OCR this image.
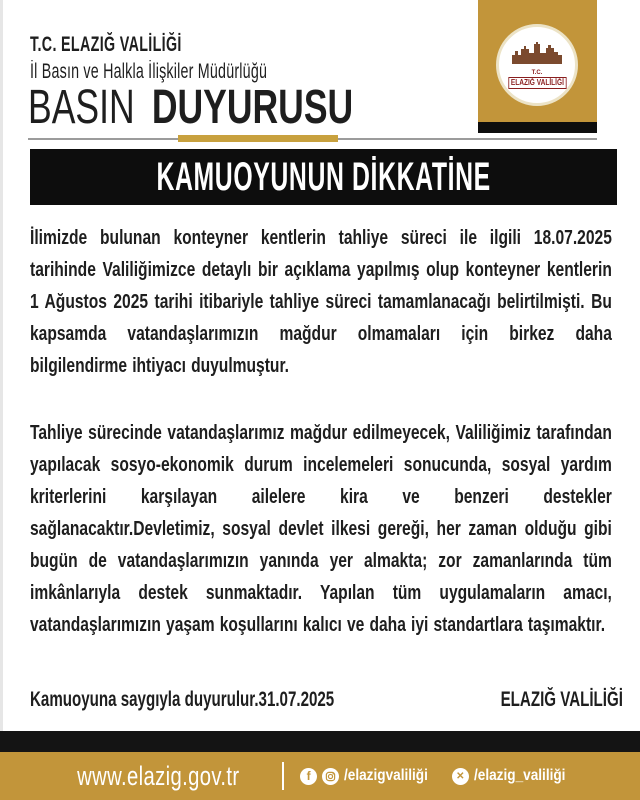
T.C. ELAZIĞ VALİLİĞİ
İl Basın ve Halkla İlişkiler Müdürlüğü
BASIN DUYURUSU
T.C.
ELAZIĞ VALİLİĞİ
KAMUOYUNUN DİKKATİNE
İlimizde bulunan konteyner kentlerin tahliye süreci ile ilgili 18.07.2025 tarihinde Valiliğimizce detaylı bir açıklama yapılmış olup konteyner kentlerin 1 Ağustos 2025 tarihi itibariyle tahliye süreci tamamlanacağı belirtilmişti. Bu kapsamda vatandaşlarımızın mağdur olmamaları için birkez daha bilgilendirme ihtiyacı duyulmuştur.
Tahliye sürecinde vatandaşlarımız mağdur edilmeyecek, Valiliğimiz tarafından yapılacak sosyo-ekonomik durum incelemeleri sonucunda, sosyal yardım kriterlerini karşılayan ailelere kira ve benzeri destekler sağlanacaktır.Devletimiz, sosyal devlet ilkesi gereği, her zaman olduğu gibi bugün de vatandaşlarımızın yanında yer almakta; zor zamanlarında tüm imkânlarıyla destek sunmaktadır. Yapılan tüm uygulamaların amacı, vatandaşlarımızın yaşam koşullarını kalıcı ve daha iyi standartlara taşımaktır.
Kamuoyuna saygıyla duyurulur.31.07.2025	ELAZIĞ VALİLİĞİ
www.elazig.gov.tr	f	/elazigvaliliği	✕ /elazig_valiliği
